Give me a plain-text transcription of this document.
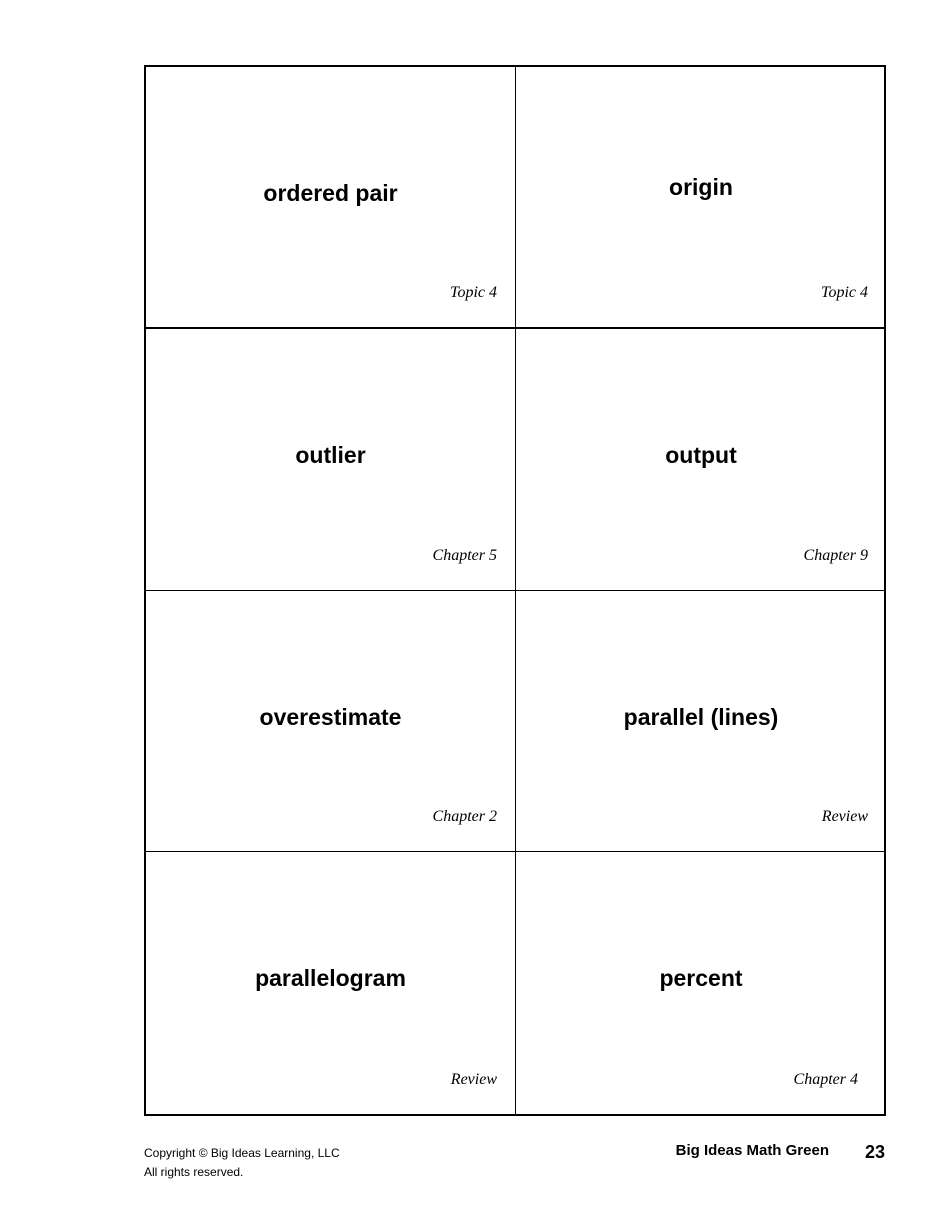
ordered pair
Topic 4
origin
Topic 4
outlier
Chapter 5
output
Chapter 9
overestimate
Chapter 2
parallel (lines)
Review
parallelogram
Review
percent
Chapter 4
Copyright © Big Ideas Learning, LLC
All rights reserved.
Big Ideas Math Green 23
